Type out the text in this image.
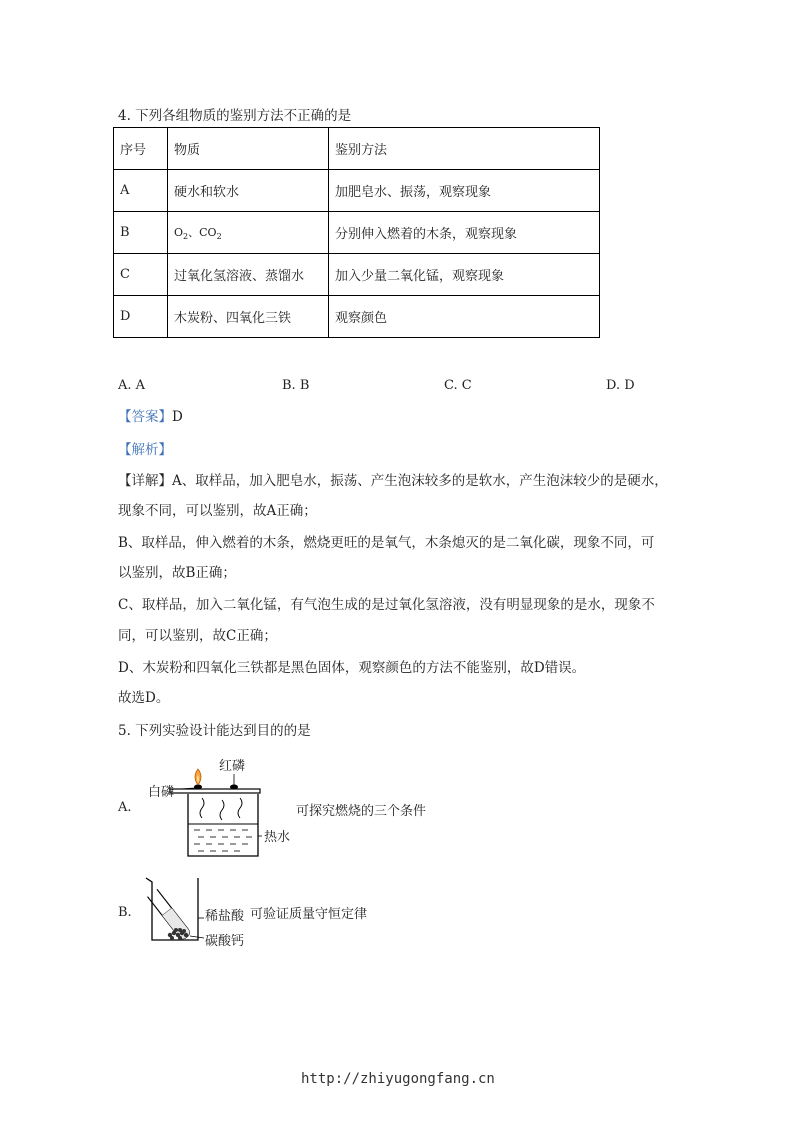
4. 下列各组物质的鉴别方法不正确的是
序号	物质	鉴别方法
A	硬水和软水	加肥皂水、振荡，观察现象
B	$O_2$、$CO_2$	分别伸入燃着的木条，观察现象
C	过氧化氢溶液、蒸馏水	加入少量二氧化锰，观察现象
D	木炭粉、四氧化三铁	观察颜色
A. A	B. B	C. C	D. D
【答案】D
【解析】
【详解】A、取样品，加入肥皂水，振荡、产生泡沫较多的是软水，产生泡沫较少的是硬水，
现象不同，可以鉴别，故A正确；
B、取样品，伸入燃着的木条，燃烧更旺的是氧气，木条熄灭的是二氧化碳，现象不同，可
以鉴别，故B正确；
C、取样品，加入二氧化锰，有气泡生成的是过氧化氢溶液，没有明显现象的是水，现象不
同，可以鉴别，故C正确；
D、木炭粉和四氧化三铁都是黑色固体，观察颜色的方法不能鉴别，故D错误。
故选D。
5. 下列实验设计能达到目的的是
A.
红磷
白磷
热水
可探究燃烧的三个条件
B.	稀盐酸
碳酸钙
可验证质量守恒定律
http://zhiyugongfang.cn
